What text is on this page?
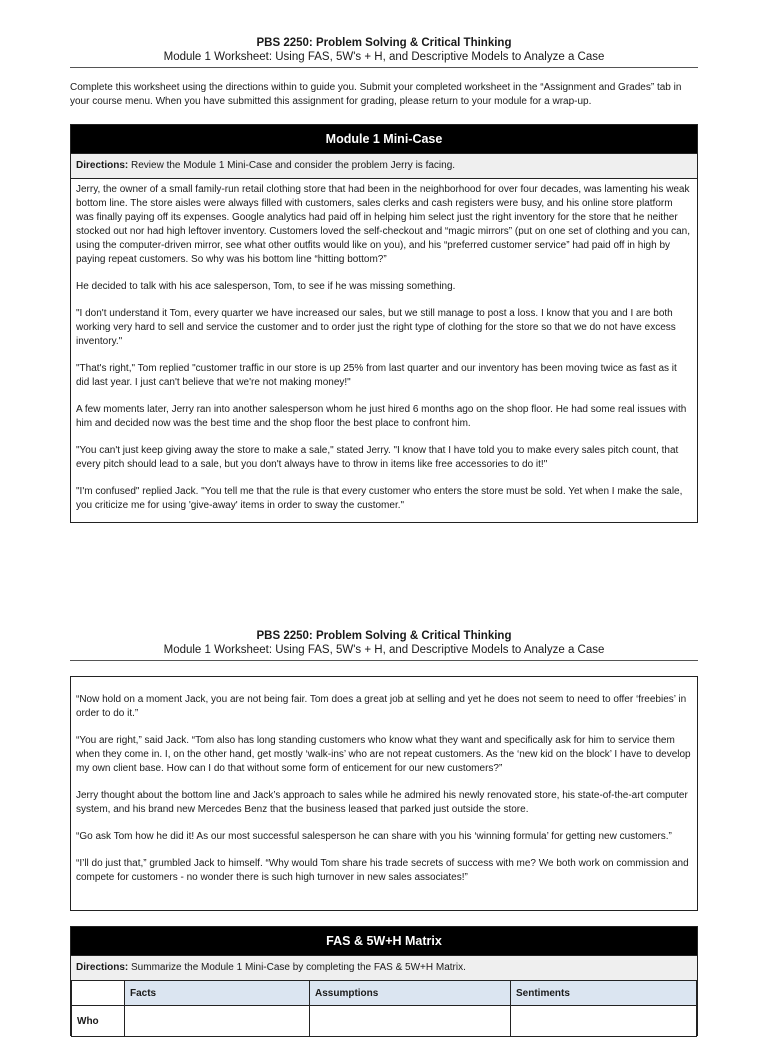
PBS 2250: Problem Solving & Critical Thinking
Module 1 Worksheet: Using FAS, 5W's + H, and Descriptive Models to Analyze a Case
Complete this worksheet using the directions within to guide you. Submit your completed worksheet in the “Assignment and Grades” tab in your course menu. When you have submitted this assignment for grading, please return to your module for a wrap-up.
Module 1 Mini-Case
Directions: Review the Module 1 Mini-Case and consider the problem Jerry is facing.

Jerry, the owner of a small family-run retail clothing store that had been in the neighborhood for over four decades, was lamenting his weak bottom line. The store aisles were always filled with customers, sales clerks and cash registers were busy, and his online store platform was finally paying off its expenses. Google analytics had paid off in helping him select just the right inventory for the store that he neither stocked out nor had high leftover inventory. Customers loved the self-checkout and “magic mirrors” (put on one set of clothing and you can, using the computer-driven mirror, see what other outfits would like on you), and his “preferred customer service” had paid off in high by paying repeat customers. So why was his bottom line “hitting bottom?”

He decided to talk with his ace salesperson, Tom, to see if he was missing something.

"I don't understand it Tom, every quarter we have increased our sales, but we still manage to post a loss. I know that you and I are both working very hard to sell and service the customer and to order just the right type of clothing for the store so that we do not have excess inventory."

"That's right," Tom replied "customer traffic in our store is up 25% from last quarter and our inventory has been moving twice as fast as it did last year. I just can't believe that we're not making money!"

A few moments later, Jerry ran into another salesperson whom he just hired 6 months ago on the shop floor. He had some real issues with him and decided now was the best time and the shop floor the best place to confront him.

"You can't just keep giving away the store to make a sale," stated Jerry. "I know that I have told you to make every sales pitch count, that every pitch should lead to a sale, but you don't always have to throw in items like free accessories to do it!"

"I'm confused" replied Jack. "You tell me that the rule is that every customer who enters the store must be sold. Yet when I make the sale, you criticize me for using 'give-away' items in order to sway the customer."

PBS 2250: Problem Solving & Critical Thinking
Module 1 Worksheet: Using FAS, 5W's + H, and Descriptive Models to Analyze a Case

“Now hold on a moment Jack, you are not being fair. Tom does a great job at selling and yet he does not seem to need to offer ‘freebies’ in order to do it.”

“You are right,” said Jack. “Tom also has long standing customers who know what they want and specifically ask for him to service them when they come in. I, on the other hand, get mostly ‘walk-ins’ who are not repeat customers. As the ‘new kid on the block’ I have to develop my own client base. How can I do that without some form of enticement for our new customers?”

Jerry thought about the bottom line and Jack’s approach to sales while he admired his newly renovated store, his state-of-the-art computer system, and his brand new Mercedes Benz that the business leased that parked just outside the store.

“Go ask Tom how he did it! As our most successful salesperson he can share with you his ‘winning formula’ for getting new customers.”

“I’ll do just that,” grumbled Jack to himself. “Why would Tom share his trade secrets of success with me? We both work on commission and compete for customers - no wonder there is such high turnover in new sales associates!”

FAS & 5W+H Matrix
Directions: Summarize the Module 1 Mini-Case by completing the FAS & 5W+H Matrix.
	Facts	Assumptions	Sentiments
Who			
